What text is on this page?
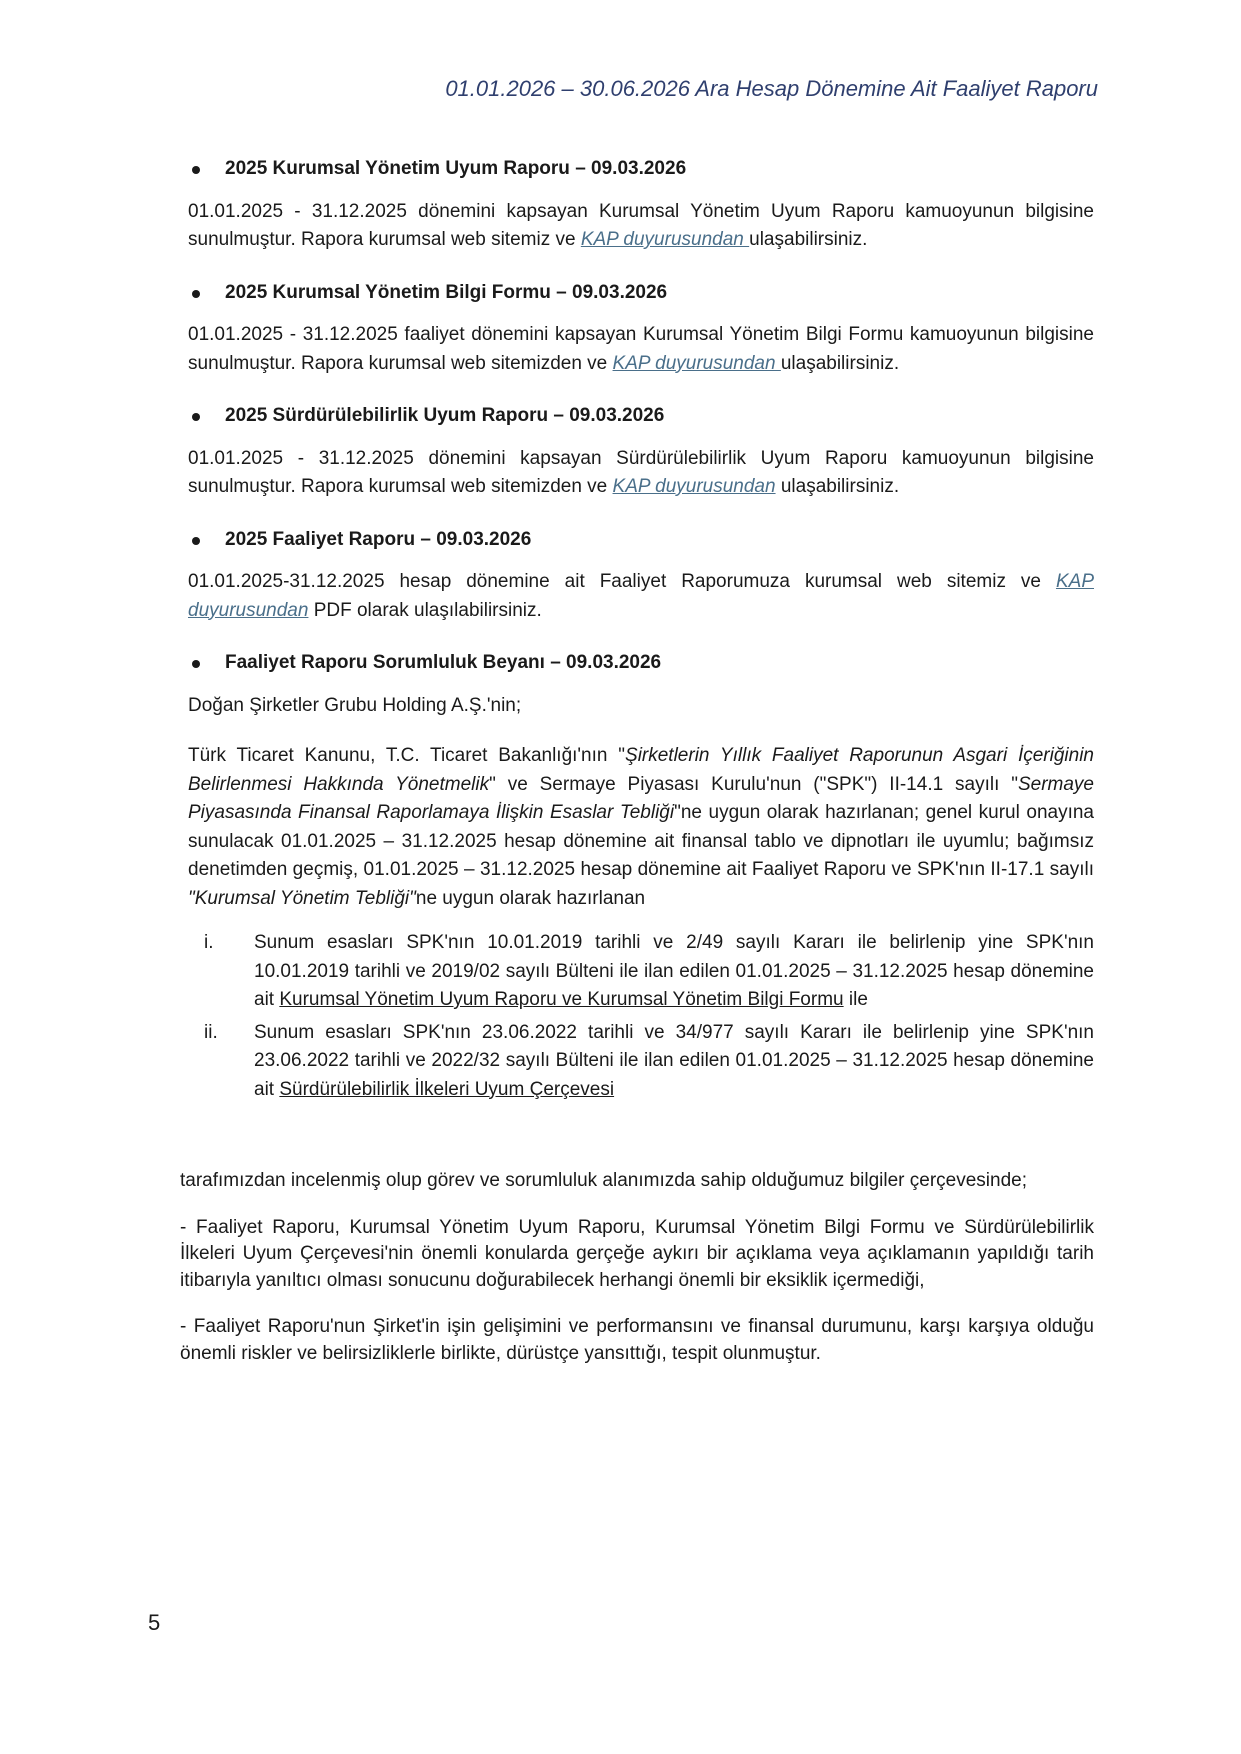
01.01.2026 – 30.06.2026 Ara Hesap Dönemine Ait Faaliyet Raporu
2025 Kurumsal Yönetim Uyum Raporu – 09.03.2026

01.01.2025 - 31.12.2025 dönemini kapsayan Kurumsal Yönetim Uyum Raporu kamuoyunun bilgisine sunulmuştur. Rapora kurumsal web sitemiz ve KAP duyurusundan ulaşabilirsiniz.

2025 Kurumsal Yönetim Bilgi Formu – 09.03.2026

01.01.2025 - 31.12.2025 faaliyet dönemini kapsayan Kurumsal Yönetim Bilgi Formu kamuoyunun bilgisine sunulmuştur. Rapora kurumsal web sitemizden ve KAP duyurusundan ulaşabilirsiniz.

2025 Sürdürülebilirlik Uyum Raporu – 09.03.2026

01.01.2025 - 31.12.2025 dönemini kapsayan Sürdürülebilirlik Uyum Raporu kamuoyunun bilgisine sunulmuştur. Rapora kurumsal web sitemizden ve KAP duyurusundan ulaşabilirsiniz.

2025 Faaliyet Raporu – 09.03.2026

01.01.2025-31.12.2025 hesap dönemine ait Faaliyet Raporumuza kurumsal web sitemiz ve KAP duyurusundan PDF olarak ulaşılabilirsiniz.

Faaliyet Raporu Sorumluluk Beyanı – 09.03.2026

Doğan Şirketler Grubu Holding A.Ş.'nin;

Türk Ticaret Kanunu, T.C. Ticaret Bakanlığı'nın "Şirketlerin Yıllık Faaliyet Raporunun Asgari İçeriğinin Belirlenmesi Hakkında Yönetmelik" ve Sermaye Piyasası Kurulu'nun ("SPK") II-14.1 sayılı "Sermaye Piyasasında Finansal Raporlamaya İlişkin Esaslar Tebliği"ne uygun olarak hazırlanan; genel kurul onayına sunulacak 01.01.2025 – 31.12.2025 hesap dönemine ait finansal tablo ve dipnotları ile uyumlu; bağımsız denetimden geçmiş, 01.01.2025 – 31.12.2025 hesap dönemine ait Faaliyet Raporu ve SPK'nın II-17.1 sayılı "Kurumsal Yönetim Tebliği"ne uygun olarak hazırlanan

i.	Sunum esasları SPK'nın 10.01.2019 tarihli ve 2/49 sayılı Kararı ile belirlenip yine SPK'nın 10.01.2019 tarihli ve 2019/02 sayılı Bülteni ile ilan edilen 01.01.2025 – 31.12.2025 hesap dönemine ait Kurumsal Yönetim Uyum Raporu ve Kurumsal Yönetim Bilgi Formu ile
ii.	Sunum esasları SPK'nın 23.06.2022 tarihli ve 34/977 sayılı Kararı ile belirlenip yine SPK'nın 23.06.2022 tarihli ve 2022/32 sayılı Bülteni ile ilan edilen 01.01.2025 – 31.12.2025 hesap dönemine ait Sürdürülebilirlik İlkeleri Uyum Çerçevesi

tarafımızdan incelenmiş olup görev ve sorumluluk alanımızda sahip olduğumuz bilgiler çerçevesinde;

- Faaliyet Raporu, Kurumsal Yönetim Uyum Raporu, Kurumsal Yönetim Bilgi Formu ve Sürdürülebilirlik İlkeleri Uyum Çerçevesi'nin önemli konularda gerçeğe aykırı bir açıklama veya açıklamanın yapıldığı tarih itibarıyla yanıltıcı olması sonucunu doğurabilecek herhangi önemli bir eksiklik içermediği,

- Faaliyet Raporu'nun Şirket'in işin gelişimini ve performansını ve finansal durumunu, karşı karşıya olduğu önemli riskler ve belirsizliklerle birlikte, dürüstçe yansıttığı, tespit olunmuştur.

5
